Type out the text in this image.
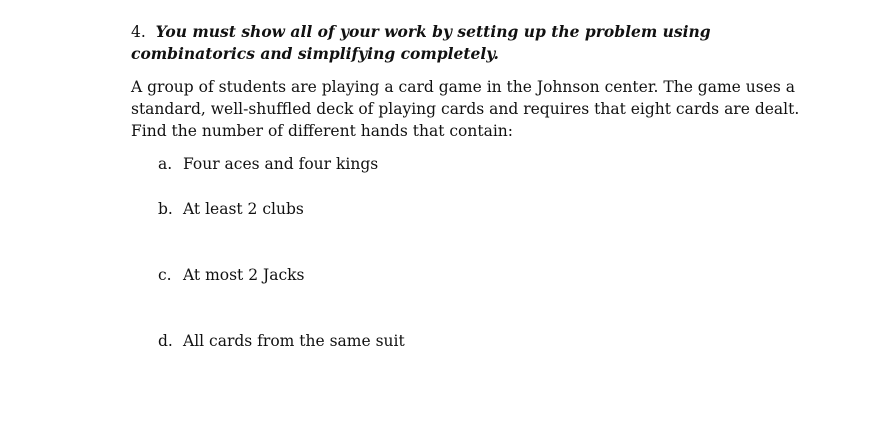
4. You must show all of your work by setting up the problem using
combinatorics and simplifying completely.
A group of students are playing a card game in the Johnson center. The game uses a
standard, well-shuffled deck of playing cards and requires that eight cards are dealt.
Find the number of different hands that contain:
a. Four aces and four kings
b. At least 2 clubs
c. At most 2 Jacks
d. All cards from the same suit
